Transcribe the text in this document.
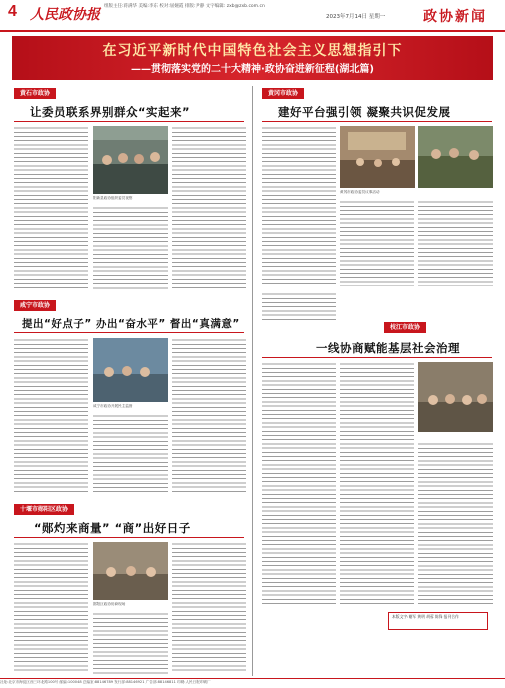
4 人民政协报
组版主任:蒋满华 美编:李东 校对:屈婉霞 排版:尹静 文字编辑: zxb@zxb.com.cn
2023年7月14日 星期一	政协新闻
在习近平新时代中国特色社会主义思想指引下
——贯彻落实党的二十大精神·政协奋进新征程(湖北篇)
黄石市政协
让委员联系界别群众“实起来”
阳新县政协组织委员视察
黄冈市政协
建好平台强引领 凝聚共识促发展
黄冈市政协委员议事活动
咸宁市政协
提出“好点子” 办出“奋水平” 督出“真满意”
咸宁市政协开展民主监督
枝江市政协
一线协商赋能基层社会治理
本版文字:谢军 黄明 胡蓉 陈锋 报刊合作
十堰市郧阳区政协
“郧灼来商量” “商”出好日子
郧阳区政协协商现场
社址:北京市海淀区西三环北路100号 邮编:100048 总编室:88146789 发行部:88146921 广告部:88146811 印刷:人民日报印刷厂
